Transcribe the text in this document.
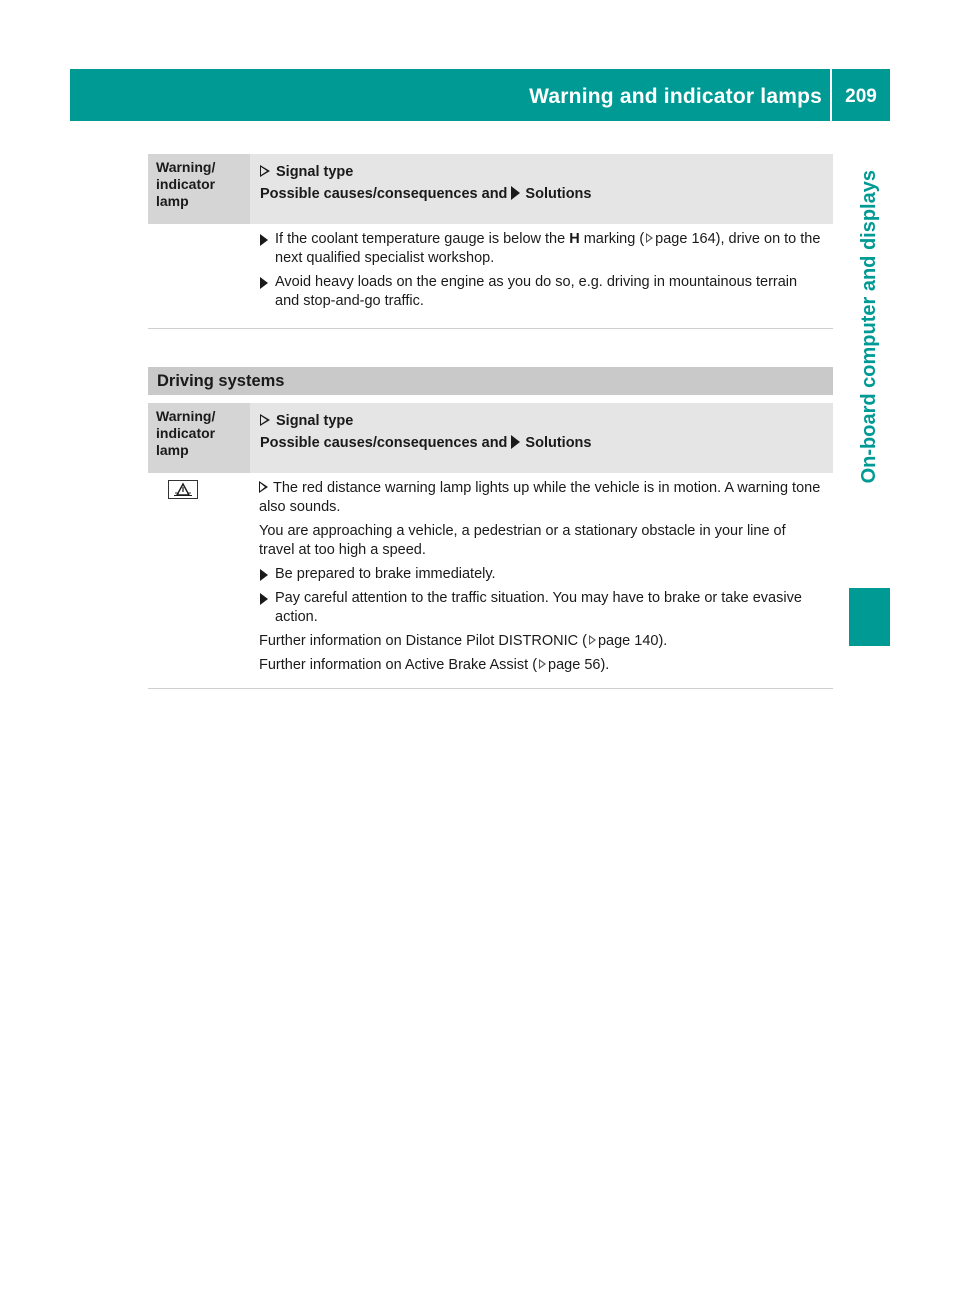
Warning and indicator lamps	209
On-board computer and displays
Warning/
indicator
lamp
Signal type
Possible causes/consequences and Solutions
If the coolant temperature gauge is below the H marking ( page 164), drive on to the next qualified specialist workshop.
Avoid heavy loads on the engine as you do so, e.g. driving in mountainous terrain and stop-and-go traffic.
Driving systems
Warning/
indicator
lamp
Signal type
Possible causes/consequences and Solutions
The red distance warning lamp lights up while the vehicle is in motion. A warning tone also sounds.
You are approaching a vehicle, a pedestrian or a stationary obstacle in your line of travel at too high a speed.
Be prepared to brake immediately.
Pay careful attention to the traffic situation. You may have to brake or take evasive action.
Further information on Distance Pilot DISTRONIC ( page 140).
Further information on Active Brake Assist ( page 56).
